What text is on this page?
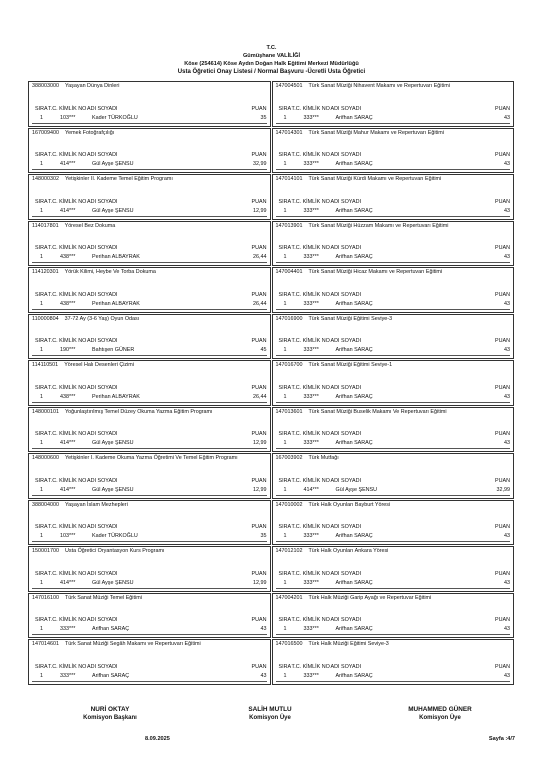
T.C.
Gümüşhane VALİLİĞİ
Köse (254614) Köse Aydın Doğan Halk Eğitimi Merkezi Müdürlüğü
Usta Öğretici Onay Listesi / Normal Başvuru -Ücretli Usta Öğretici
388003000 Yaşayan Dünya Dinleri
SIRA T.C. KİMLİK NO ADI SOYADI	PUAN
1	103***	Kader TÜRKOĞLU	35
147004501 Türk Sanat Müziği Nihavent Makamı ve Repertuvarı Eğitimi
SIRA T.C. KİMLİK NO ADI SOYADI	PUAN
1	333***	Arifhan SARAÇ	43
167009400 Yemek Fotoğrafçılığı
SIRA T.C. KİMLİK NO ADI SOYADI	PUAN
1	414***	Gül Ayşe ŞENSU	32,99
147014301 Türk Sanat Müziği Mahur Makamı ve Repertuvarı Eğitimi
SIRA T.C. KİMLİK NO ADI SOYADI	PUAN
1	333***	Arifhan SARAÇ	43
148000302 Yetişkinler II. Kademe Temel Eğitim Programı
SIRA T.C. KİMLİK NO ADI SOYADI	PUAN
1	414***	Gül Ayşe ŞENSU	12,99
147014101 Türk Sanat Müziği Kürdi Makamı ve Repertuvarı Eğitimi
SIRA T.C. KİMLİK NO ADI SOYADI	PUAN
1	333***	Arifhan SARAÇ	43
114017801 Yöresel Bez Dokuma
SIRA T.C. KİMLİK NO ADI SOYADI	PUAN
1	438***	Perihan ALBAYRAK	26,44
147013901 Türk Sanat Müziği Hüzzam Makamı ve Repertuvarı Eğitimi
SIRA T.C. KİMLİK NO ADI SOYADI	PUAN
1	333***	Arifhan SARAÇ	43
114120301 Yörük Kilimi, Heybe Ve Torba Dokuma
SIRA T.C. KİMLİK NO ADI SOYADI	PUAN
1	438***	Perihan ALBAYRAK	26,44
147004401 Türk Sanat Müziği Hicaz Makamı ve Repertuvarı Eğitimi
SIRA T.C. KİMLİK NO ADI SOYADI	PUAN
1	333***	Arifhan SARAÇ	43
110000804 37-72 Ay (3-6 Yaş) Oyun Odası
SIRA T.C. KİMLİK NO ADI SOYADI	PUAN
1	190***	Bahtışen GÜNER	45
147016900 Türk Sanat Müziği Eğitimi Seviye-3
SIRA T.C. KİMLİK NO ADI SOYADI	PUAN
1	333***	Arifhan SARAÇ	43
114110501 Yöresel Halı Desenleri Çizimi
SIRA T.C. KİMLİK NO ADI SOYADI	PUAN
1	438***	Perihan ALBAYRAK	26,44
147016700 Türk Sanat Müziği Eğitimi Seviye-1
SIRA T.C. KİMLİK NO ADI SOYADI	PUAN
1	333***	Arifhan SARAÇ	43
148000101 Yoğunlaştırılmış Temel Düzey Okuma Yazma Eğitim Programı
SIRA T.C. KİMLİK NO ADI SOYADI	PUAN
1	414***	Gül Ayşe ŞENSU	12,99
147013601 Türk Sanat Müziği Buselik Makamı Ve Repertuvarı Eğitimi
SIRA T.C. KİMLİK NO ADI SOYADI	PUAN
1	333***	Arifhan SARAÇ	43
148000600 Yetişkinler I. Kademe Okuma Yazma Öğretimi Ve Temel Eğitim Programı
SIRA T.C. KİMLİK NO ADI SOYADI	PUAN
1	414***	Gül Ayşe ŞENSU	12,99
167003902 Türk Mutfağı
SIRA T.C. KİMLİK NO ADI SOYADI	PUAN
1	414***	Gül Ayşe ŞENSU	32,99
388004000 Yaşayan İslam Mezhepleri
SIRA T.C. KİMLİK NO ADI SOYADI	PUAN
1	103***	Kader TÜRKOĞLU	35
147010002 Türk Halk Oyunları Bayburt Yöresi
SIRA T.C. KİMLİK NO ADI SOYADI	PUAN
1	333***	Arifhan SARAÇ	43
150001700 Usta Öğretici Oryantasyon Kurs Programı
SIRA T.C. KİMLİK NO ADI SOYADI	PUAN
1	414***	Gül Ayşe ŞENSU	12,99
147012102 Türk Halk Oyunları Ankara Yöresi
SIRA T.C. KİMLİK NO ADI SOYADI	PUAN
1	333***	Arifhan SARAÇ	43
147016100 Türk Sanat Müziği Temel Eğitimi
SIRA T.C. KİMLİK NO ADI SOYADI	PUAN
1	333***	Arifhan SARAÇ	43
147004201 Türk Halk Müziği Garip Ayağı ve Repertuvar Eğitimi
SIRA T.C. KİMLİK NO ADI SOYADI	PUAN
1	333***	Arifhan SARAÇ	43
147014601 Türk Sanat Müziği Segâh Makamı ve Repertuvarı Eğitimi
SIRA T.C. KİMLİK NO ADI SOYADI	PUAN
1	333***	Arifhan SARAÇ	43
147016500 Türk Halk Müziği Eğitimi Seviye-3
SIRA T.C. KİMLİK NO ADI SOYADI	PUAN
1	333***	Arifhan SARAÇ	43
NURİ OKTAY
Komisyon Başkanı
SALİH MUTLU
Komisyon Üye
MUHAMMED GÜNER
Komisyon Üye
8.09.2025	Sayfa :4/7
